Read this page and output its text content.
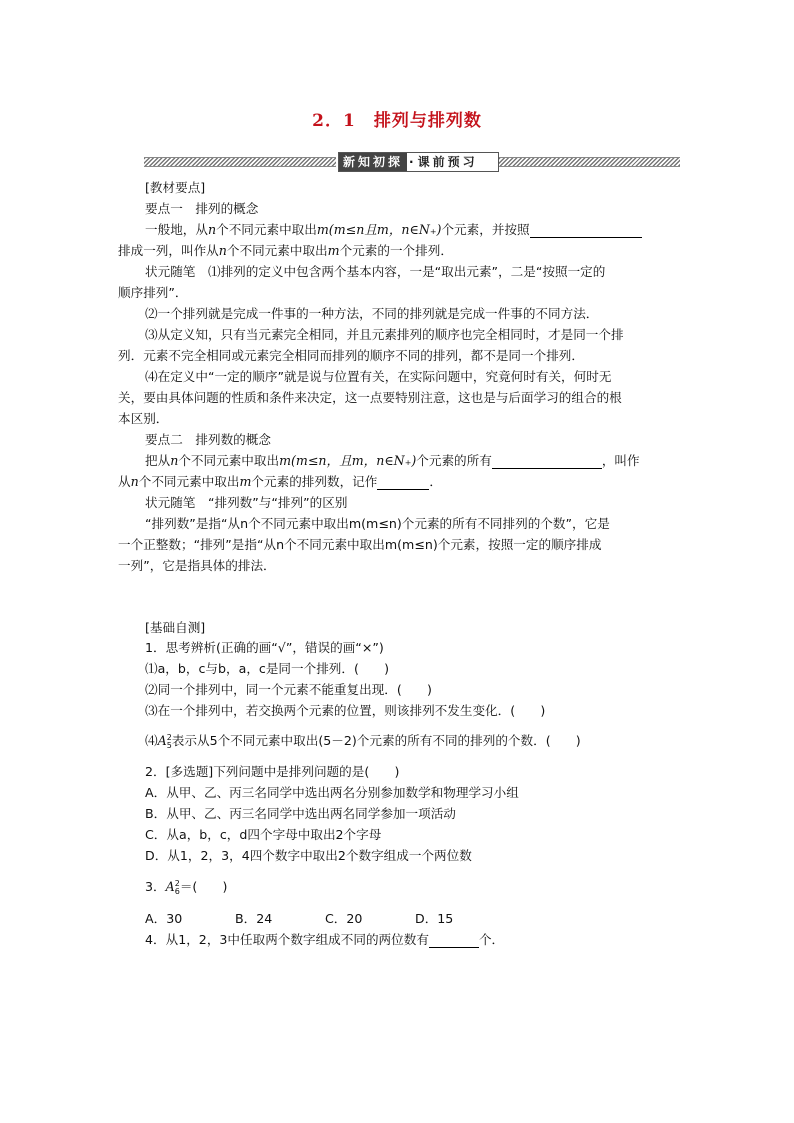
2．1　排列与排列数
新知初探 · 课前预习
[教材要点]
要点一　排列的概念
一般地，从n个不同元素中取出m(m≤n且m，n∈N₊)个元素，并按照
排成一列，叫作从n个不同元素中取出m个元素的一个排列．
状元随笔　⑴排列的定义中包含两个基本内容，一是“取出元素”，二是“按照一定的
顺序排列”．
⑵一个排列就是完成一件事的一种方法，不同的排列就是完成一件事的不同方法．
⑶从定义知，只有当元素完全相同，并且元素排列的顺序也完全相同时，才是同一个排
列．元素不完全相同或元素完全相同而排列的顺序不同的排列，都不是同一个排列．
⑷在定义中“一定的顺序”就是说与位置有关，在实际问题中，究竟何时有关，何时无
关，要由具体问题的性质和条件来决定，这一点要特别注意，这也是与后面学习的组合的根
本区别．
要点二　排列数的概念
把从n个不同元素中取出m(m≤n，且m，n∈N₊)个元素的所有	，叫作
从n个不同元素中取出m个元素的排列数，记作	．
状元随笔　“排列数”与“排列”的区别
“排列数”是指“从n个不同元素中取出m(m≤n)个元素的所有不同排列的个数”，它是
一个正整数；“排列”是指“从n个不同元素中取出m(m≤n)个元素，按照一定的顺序排成
一列”，它是指具体的排法．
[基础自测]
1．思考辨析(正确的画“√”，错误的画“×”)
⑴a，b，c与b，a，c是同一个排列．(　　)
⑵同一个排列中，同一个元素不能重复出现．(　　)
⑶在一个排列中，若交换两个元素的位置，则该排列不发生变化．(　　)
⑷A 2
5 表示从5个不同元素中取出(5－2)个元素的所有不同的排列的个数．(　　)
2．[多选题]下列问题中是排列问题的是(　　)
A．从甲、乙、丙三名同学中选出两名分别参加数学和物理学习小组
B．从甲、乙、丙三名同学中选出两名同学参加一项活动
C．从a，b，c，d四个字母中取出2个字母
D．从1，2，3，4四个数字中取出2个数字组成一个两位数
3．A 2
6 ＝(　　)
A．30	B．24	C．20	D．15
4．从1，2，3中任取两个数字组成不同的两位数有	个．
